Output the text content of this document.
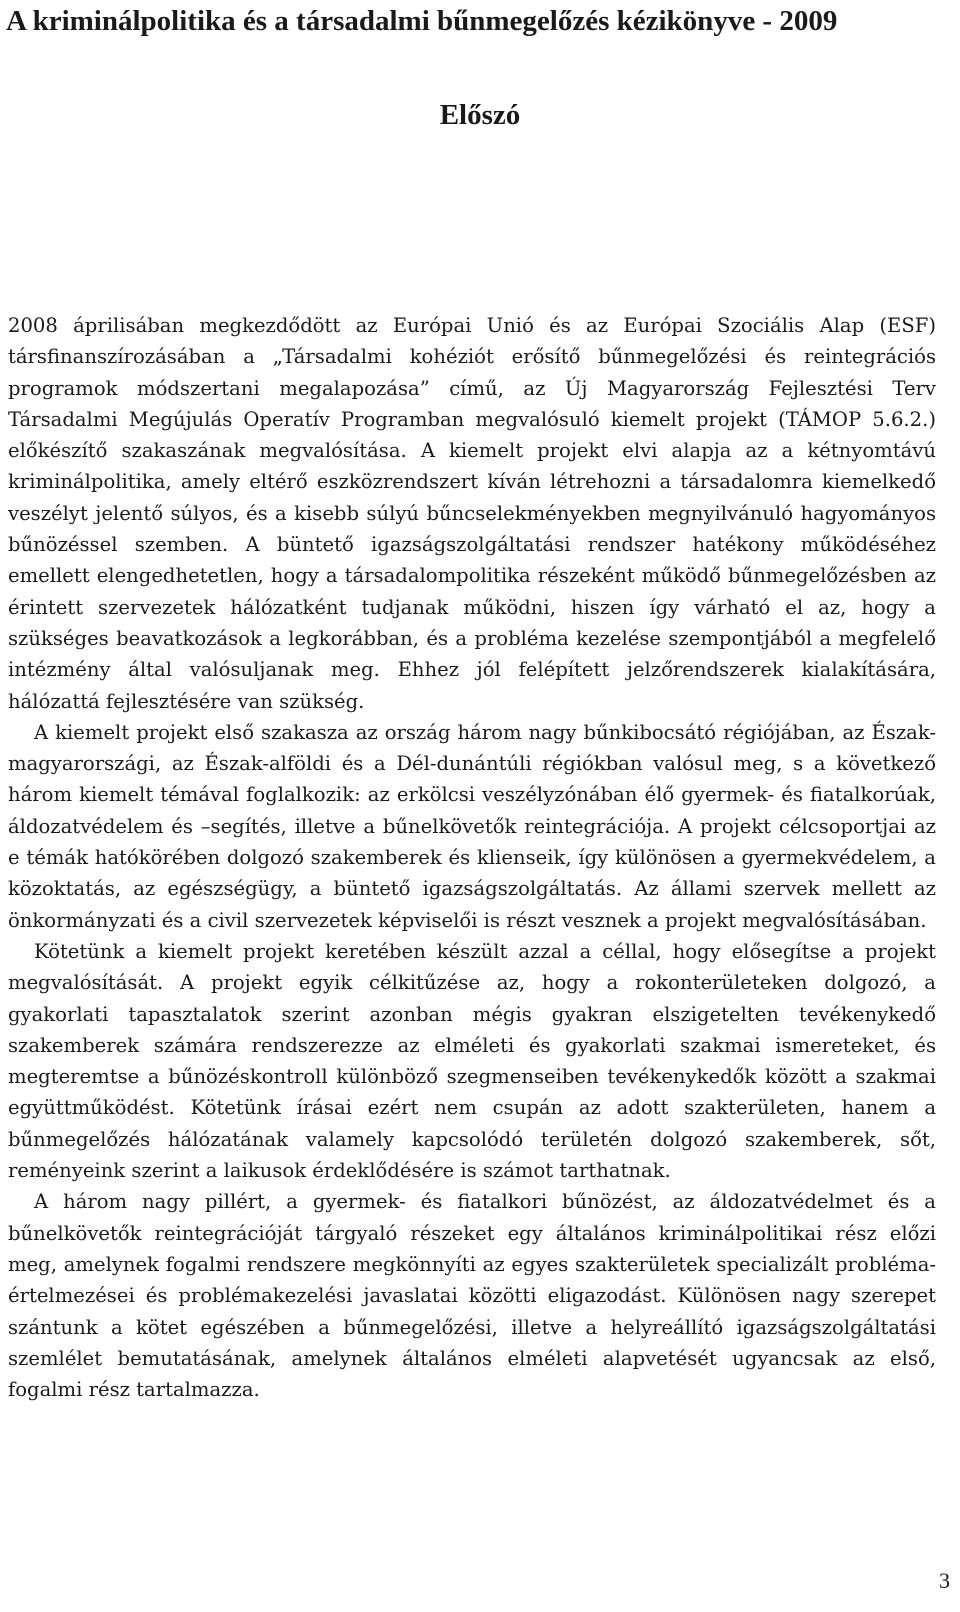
A kriminálpolitika és a társadalmi bűnmegelőzés kézikönyve - 2009
Előszó

2008 áprilisában megkezdődött az Európai Unió és az Európai Szociális Alap (ESF) társfinanszírozásában a „Társadalmi kohéziót erősítő bűnmegelőzési és reintegrációs programok módszertani megalapozása” című, az Új Magyarország Fejlesztési Terv Társadalmi Megújulás Operatív Programban megvalósuló kiemelt projekt (TÁMOP 5.6.2.) előkészítő szakaszának megvalósítása. A kiemelt projekt elvi alapja az a kétnyomtávú kriminálpolitika, amely eltérő eszközrendszert kíván létrehozni a társadalomra kiemelkedő veszélyt jelentő súlyos, és a kisebb súlyú bűncselekményekben megnyilvánuló hagyományos bűnözéssel szemben. A büntető igazságszolgáltatási rendszer hatékony működéséhez emellett elengedhetetlen, hogy a társadalompolitika részeként működő bűnmegelőzésben az érintett szervezetek hálózatként tudjanak működni, hiszen így várható el az, hogy a szükséges beavatkozások a legkorábban, és a probléma kezelése szempontjából a megfelelő intézmény által valósuljanak meg. Ehhez jól felépített jelzőrendszerek kialakítására, hálózattá fejlesztésére van szükség.

A kiemelt projekt első szakasza az ország három nagy bűnkibocsátó régiójában, az Észak-magyarországi, az Észak-alföldi és a Dél-dunántúli régiókban valósul meg, s a következő három kiemelt témával foglalkozik: az erkölcsi veszélyzónában élő gyermek- és fiatalkorúak, áldozatvédelem és –segítés, illetve a bűnelkövetők reintegrációja. A projekt célcsoportjai az e témák hatókörében dolgozó szakemberek és klienseik, így különösen a gyermekvédelem, a közoktatás, az egészségügy, a büntető igazságszolgáltatás. Az állami szervek mellett az önkormányzati és a civil szervezetek képviselői is részt vesznek a projekt megvalósításában.

Kötetünk a kiemelt projekt keretében készült azzal a céllal, hogy elősegítse a projekt megvalósítását. A projekt egyik célkitűzése az, hogy a rokonterületeken dolgozó, a gyakorlati tapasztalatok szerint azonban mégis gyakran elszigetelten tevékenykedő szakemberek számára rendszerezze az elméleti és gyakorlati szakmai ismereteket, és megteremtse a bűnözéskontroll különböző szegmenseiben tevékenykedők között a szakmai együttműködést. Kötetünk írásai ezért nem csupán az adott szakterületen, hanem a bűnmegelőzés hálózatának valamely kapcsolódó területén dolgozó szakemberek, sőt, reményeink szerint a laikusok érdeklődésére is számot tarthatnak.

A három nagy pillért, a gyermek- és fiatalkori bűnözést, az áldozatvédelmet és a bűnelkövetők reintegrációját tárgyaló részeket egy általános kriminálpolitikai rész előzi meg, amelynek fogalmi rendszere megkönnyíti az egyes szakterületek specializált probléma-értelmezései és problémakezelési javaslatai közötti eligazodást. Különösen nagy szerepet szántunk a kötet egészében a bűnmegelőzési, illetve a helyreállító igazságszolgáltatási szemlélet bemutatásának, amelynek általános elméleti alapvetését ugyancsak az első, fogalmi rész tartalmazza.

3
